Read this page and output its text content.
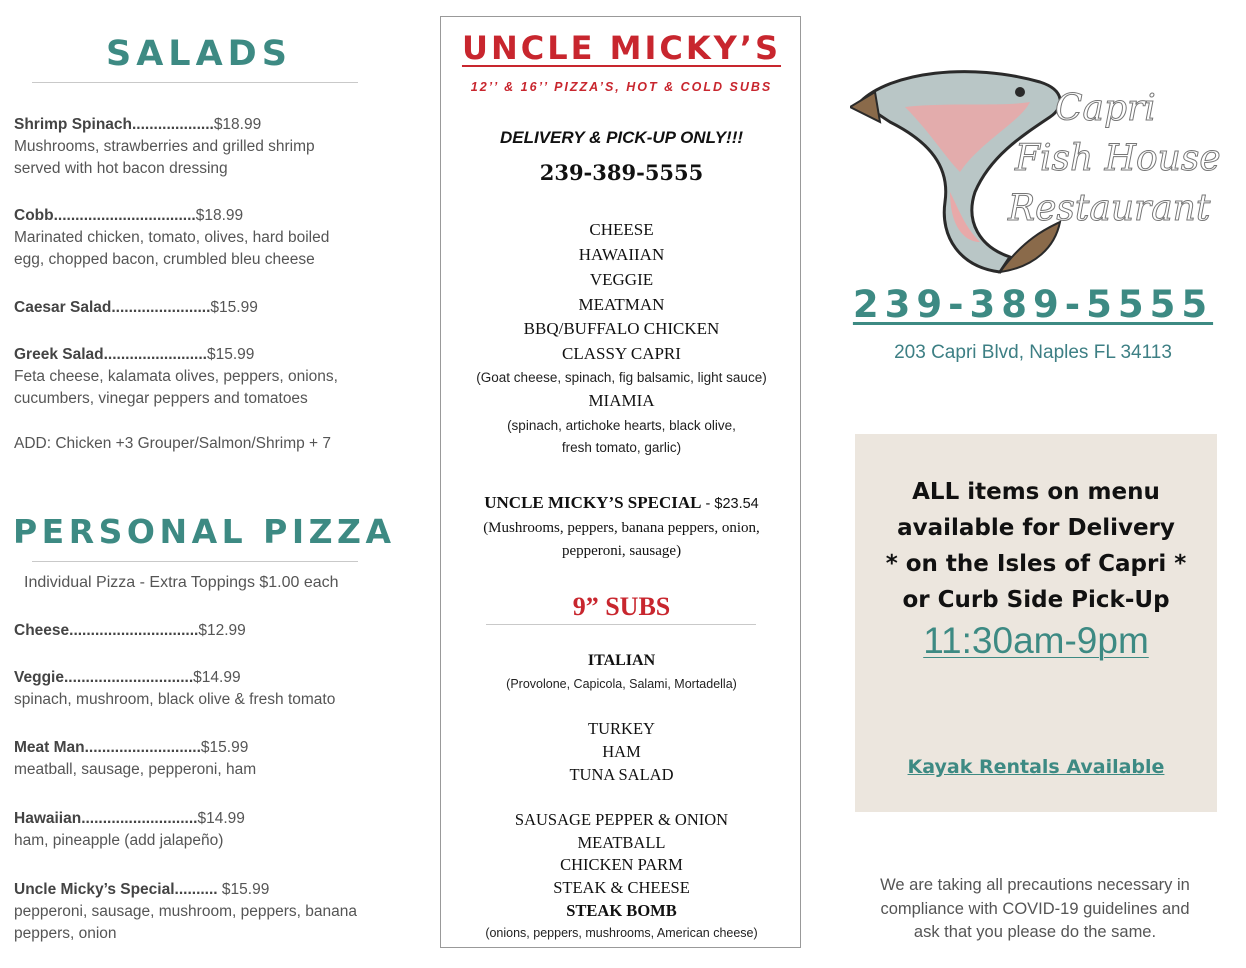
SALADS
Shrimp Spinach...................$18.99
Mushrooms, strawberries and grilled shrimp
served with hot bacon dressing
Cobb.................................$18.99
Marinated chicken, tomato, olives, hard boiled
egg, chopped bacon, crumbled bleu cheese
Caesar Salad.......................$15.99
Greek Salad........................$15.99
Feta cheese, kalamata olives, peppers, onions,
cucumbers, vinegar peppers and tomatoes
ADD: Chicken +3 Grouper/Salmon/Shrimp + 7
PERSONAL PIZZA
Individual Pizza - Extra Toppings $1.00 each
Cheese..............................$12.99
Veggie..............................$14.99
spinach, mushroom, black olive & fresh tomato
Meat Man...........................$15.99
meatball, sausage, pepperoni, ham
Hawaiian...........................$14.99
ham, pineapple (add jalapeño)
Uncle Micky’s Special.......... $15.99
pepperoni, sausage, mushroom, peppers, banana
peppers, onion
UNCLE MICKY’S
12’’ & 16’’ PIZZA’S, HOT & COLD SUBS
DELIVERY & PICK-UP ONLY!!!
239-389-5555
CHEESE
HAWAIIAN
VEGGIE
MEATMAN
BBQ/BUFFALO CHICKEN
CLASSY CAPRI
(Goat cheese, spinach, fig balsamic, light sauce)
MIAMIA
(spinach, artichoke hearts, black olive,
fresh tomato, garlic)
UNCLE MICKY’S SPECIAL - $23.54
(Mushrooms, peppers, banana peppers, onion,
pepperoni, sausage)
9” SUBS
ITALIAN
(Provolone, Capicola, Salami, Mortadella)
TURKEY
HAM
TUNA SALAD
SAUSAGE PEPPER & ONION
MEATBALL
CHICKEN PARM
STEAK & CHEESE
STEAK BOMB
(onions, peppers, mushrooms, American cheese)
Capri
Fish House
Restaurant
239-389-5555
203 Capri Blvd, Naples FL 34113
ALL items on menu
available for Delivery
* on the Isles of Capri *
or Curb Side Pick-Up
11:30am-9pm
Kayak Rentals Available
We are taking all precautions necessary in
compliance with COVID-19 guidelines and
ask that you please do the same.
